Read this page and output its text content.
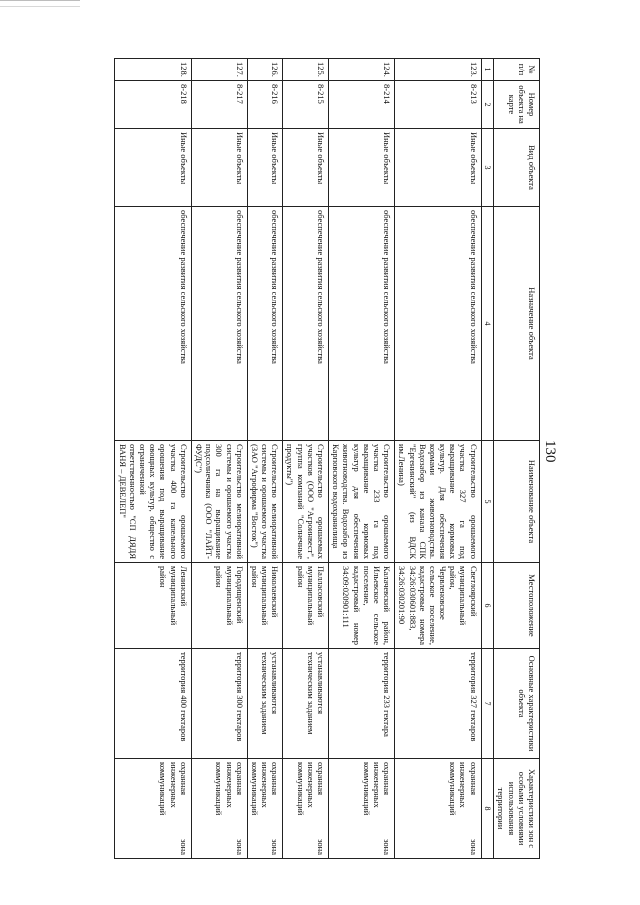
130
№ п/п	Номер объекта на карте	Вид объекта	Назначение объекта	Наименование объекта	Местоположение	Основные характеристики объекта	Характеристики зон с особыми условиями использования территории
1	2	3	4	5	6	7	8
123.	8-213	Иные объекты	обеспечение развития сельского хозяйства	Строительство орошаемого участка 327 га под выращивание кормовых культур. Для обеспечения кормами животноводства. Водозабор из канала СПК "Ергенинский" (из ВДСК им.Ленина)	Светлоярский муниципальный район, Червленовское сельское поселение, кадастровые номера 34:26:030601:883, 34:26:030201:90	территория 327 гектаров	охранная зона инженерных коммуникаций
124.	8-214	Иные объекты	обеспечение развития сельского хозяйства	Строительство орошаемого участка 233 га под выращивание кормовых культур для обеспечения животноводства. Водозабор из Карповского водохранилища	Калачевский район, Ильевское сельское поселение, кадастровый номер 34:09:020901:111	территория 233 гектара	охранная зона инженерных коммуникаций
125.	8-215	Иные объекты	обеспечение развития сельского хозяйства	Строительство орошаемых участков (ООО "Агроинвест", группа компаний "Солнечные продукты")	Палласовский муниципальный район	устанавливаются техническим заданием	охранная зона инженерных коммуникаций
126.	8-216	Иные объекты	обеспечение развития сельского хозяйства	Строительство мелиоративной системы и орошаемого участка (ЗАО "Агрофирма "Восток")	Николаевский муниципальный район	устанавливаются техническим заданием	охранная зона инженерных коммуникаций
127.	8-217	Иные объекты	обеспечение развития сельского хозяйства	Строительство мелиоративной системы и орошаемого участка 300 га на выращивание подсолнечника (ООО "ЛАЙТ-ФУДС")	Городищенский муниципальный район	территория 300 гектаров	охранная зона инженерных коммуникаций
128.	8-218	Иные объекты	обеспечение развития сельского хозяйства	Строительство орошаемого участка 400 га капельного орошения под выращивание овощных культур, общество с ограниченной ответственностью "СП ДЯДЯ ВАНЯ – ДЕВЕЛЕП"	Ленинский муниципальный район	территория 400 гектаров	охранная зона инженерных коммуникаций
